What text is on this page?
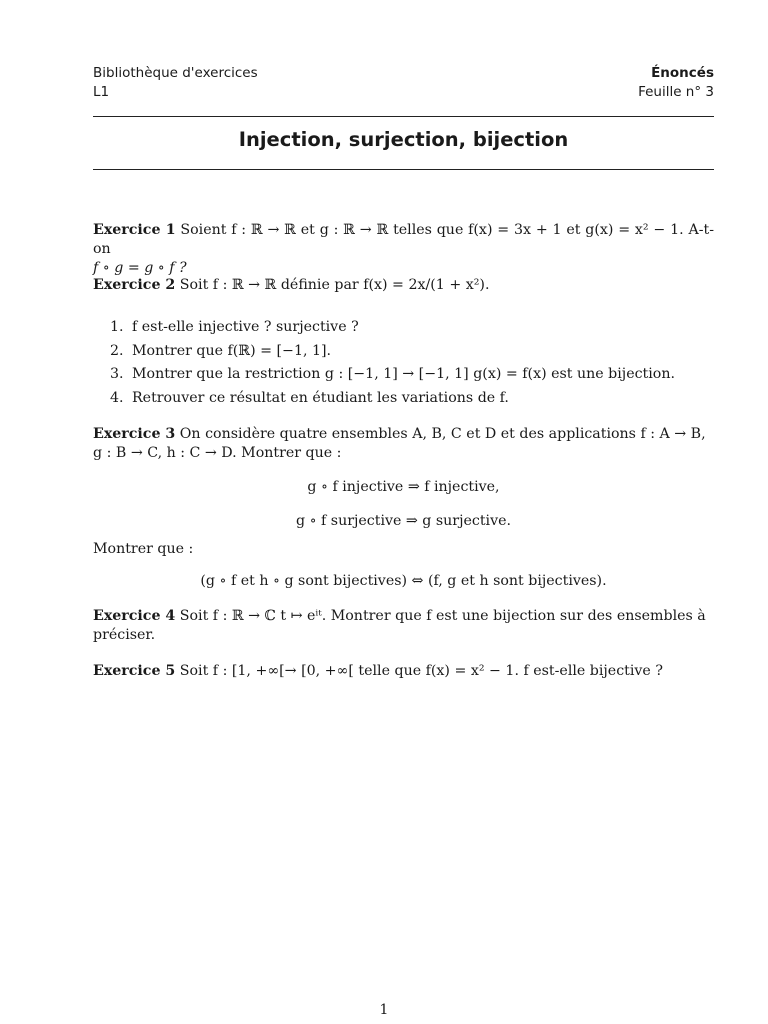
Bibliothèque d'exercices
L1
Énoncés
Feuille n° 3
Injection, surjection, bijection
Exercice 1 Soient f : ℝ → ℝ et g : ℝ → ℝ telles que f(x) = 3x + 1 et g(x) = x² − 1. A-t-on
f ∘ g = g ∘ f ?
Exercice 2 Soit f : ℝ → ℝ définie par f(x) = 2x/(1 + x²).
1. f est-elle injective ? surjective ?
2. Montrer que f(ℝ) = [−1, 1].
3. Montrer que la restriction g : [−1, 1] → [−1, 1] g(x) = f(x) est une bijection.
4. Retrouver ce résultat en étudiant les variations de f.
Exercice 3 On considère quatre ensembles A, B, C et D et des applications f : A → B,
g : B → C, h : C → D. Montrer que :
g ∘ f injective ⇒ f injective,
g ∘ f surjective ⇒ g surjective.
Montrer que :
(g ∘ f et h ∘ g sont bijectives) ⇔ (f, g et h sont bijectives).
Exercice 4 Soit f : ℝ → ℂ t ↦ eⁱᵗ. Montrer que f est une bijection sur des ensembles à
préciser.
Exercice 5 Soit f : [1, +∞[→ [0, +∞[ telle que f(x) = x² − 1. f est-elle bijective ?
1
